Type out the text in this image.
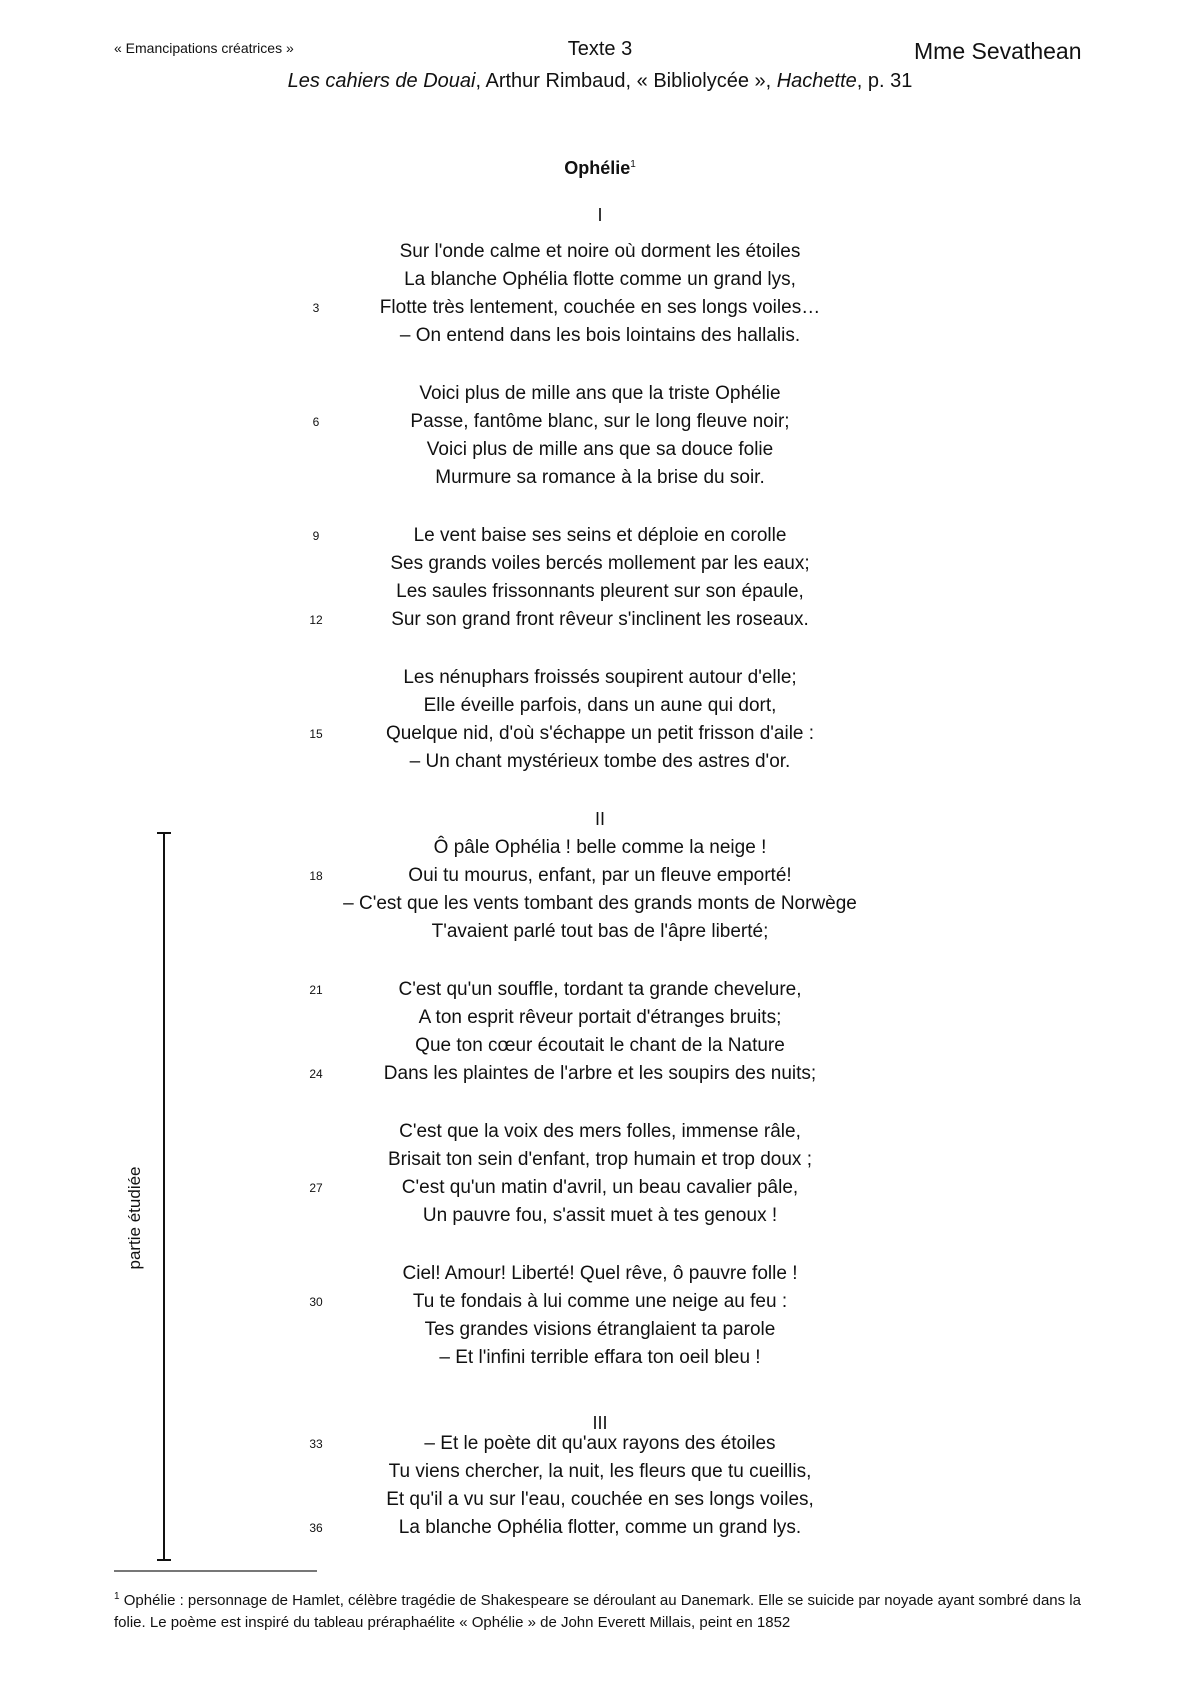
« Emancipations créatrices »	Texte 3	Mme Sevathean
Les cahiers de Douai, Arthur Rimbaud, « Bibliolycée », Hachette, p. 31
Ophélie$^1$
I
II
III
Sur l'onde calme et noire où dorment les étoiles
La blanche Ophélia flotte comme un grand lys,
Flotte très lentement, couchée en ses longs voiles…
– On entend dans les bois lointains des hallalis.
Voici plus de mille ans que la triste Ophélie
Passe, fantôme blanc, sur le long fleuve noir;
Voici plus de mille ans que sa douce folie
Murmure sa romance à la brise du soir.
Le vent baise ses seins et déploie en corolle
Ses grands voiles bercés mollement par les eaux;
Les saules frissonnants pleurent sur son épaule,
Sur son grand front rêveur s'inclinent les roseaux.
Les nénuphars froissés soupirent autour d'elle;
Elle éveille parfois, dans un aune qui dort,
Quelque nid, d'où s'échappe un petit frisson d'aile :
– Un chant mystérieux tombe des astres d'or.
Ô pâle Ophélia ! belle comme la neige !
Oui tu mourus, enfant, par un fleuve emporté!
– C'est que les vents tombant des grands monts de Norwège
T'avaient parlé tout bas de l'âpre liberté;
C'est qu'un souffle, tordant ta grande chevelure,
A ton esprit rêveur portait d'étranges bruits;
Que ton cœur écoutait le chant de la Nature
Dans les plaintes de l'arbre et les soupirs des nuits;
C'est que la voix des mers folles, immense râle,
Brisait ton sein d'enfant, trop humain et trop doux ;
C'est qu'un matin d'avril, un beau cavalier pâle,
Un pauvre fou, s'assit muet à tes genoux !
Ciel! Amour! Liberté! Quel rêve, ô pauvre folle !
Tu te fondais à lui comme une neige au feu :
Tes grandes visions étranglaient ta parole
– Et l'infini terrible effara ton oeil bleu !
– Et le poète dit qu'aux rayons des étoiles
Tu viens chercher, la nuit, les fleurs que tu cueillis,
Et qu'il a vu sur l'eau, couchée en ses longs voiles,
La blanche Ophélia flotter, comme un grand lys.
3
6
9
12
15
18
21
24
27
30
33
36
partie étudiée
$^1$ Ophélie : personnage de Hamlet, célèbre tragédie de Shakespeare se déroulant au Danemark. Elle se suicide par noyade ayant sombré dans la folie. Le poème est inspiré du tableau préraphaélite « Ophélie » de John Everett Millais, peint en 1852
